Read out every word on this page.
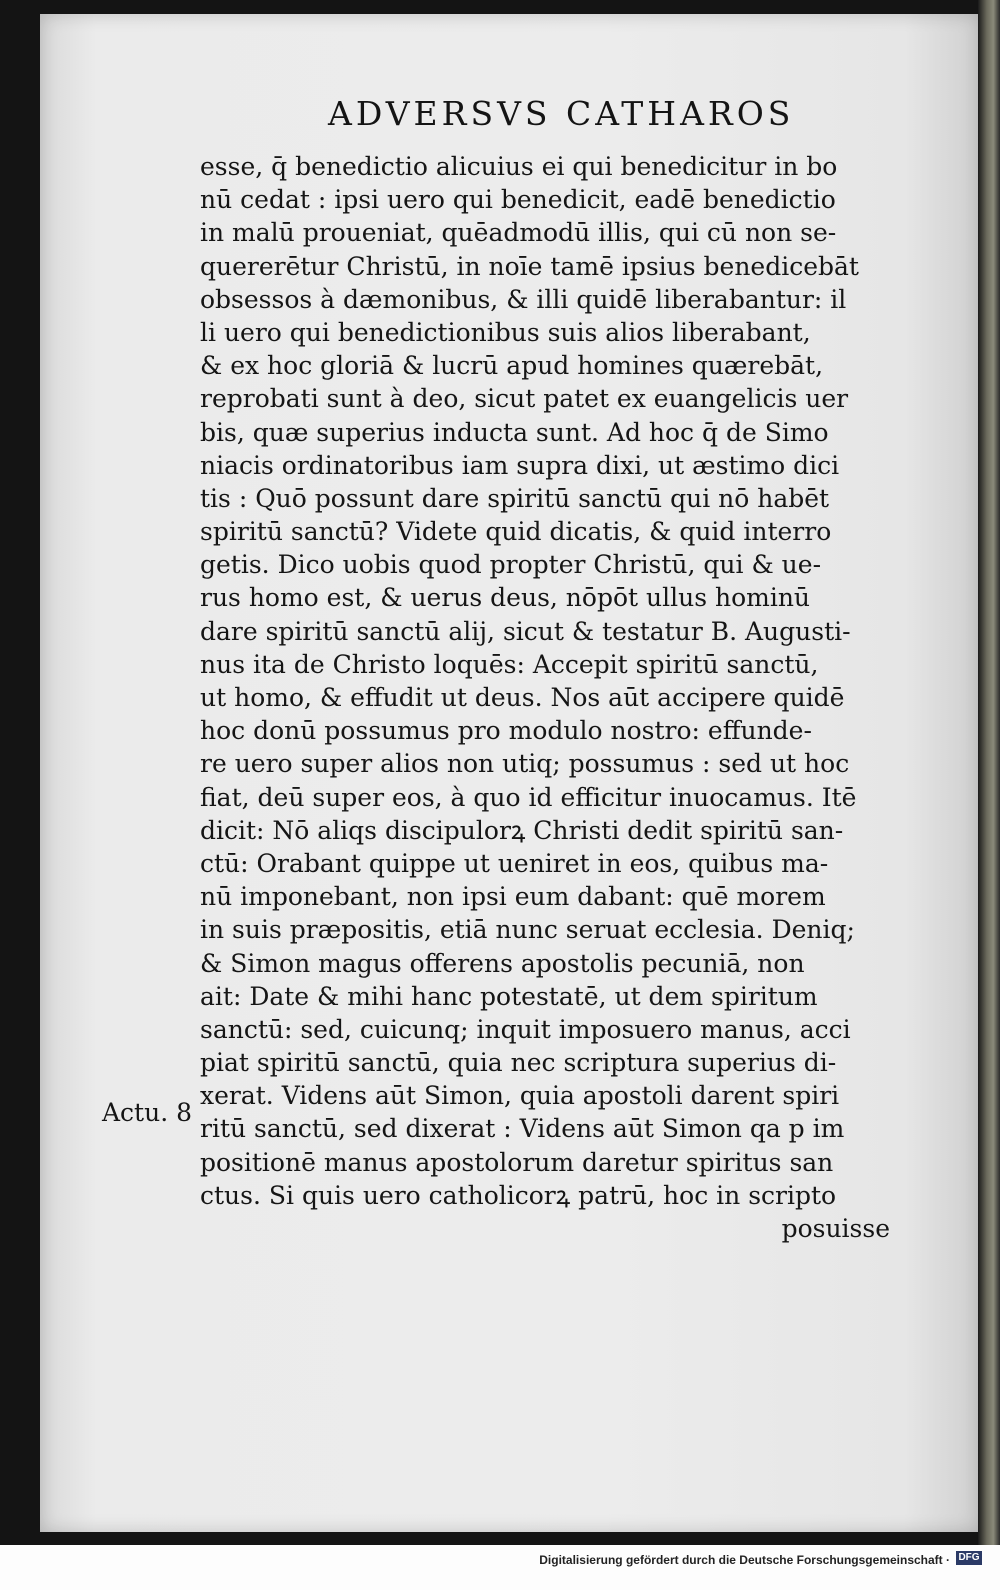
ADVERSVS CATHAROS
esse, q̄ benedictio alicuius ei qui benedicitur in bo
nū cedat : ipsi uero qui benedicit, eadē benedictio
in malū proueniat, quēadmodū illis, qui cū non se-
quererētur Christū, in noīe tamē ipsius benedicebāt
obsessos à dæmonibus, & illi quidē liberabantur: il
li uero qui benedictionibus suis alios liberabant,
& ex hoc gloriā & lucrū apud homines quærebāt,
reprobati sunt à deo, sicut patet ex euangelicis uer
bis, quæ superius inducta sunt. Ad hoc q̄ de Simo
niacis ordinatoribus iam supra dixi, ut æstimo dici
tis : Quō possunt dare spiritū sanctū qui nō habēt
spiritū sanctū? Videte quid dicatis, & quid interro
getis. Dico uobis quod propter Christū, qui & ue-
rus homo est, & uerus deus, nōpōt ullus hominū
dare spiritū sanctū alij, sicut & testatur B. Augusti-
nus ita de Christo loquēs: Accepit spiritū sanctū,
ut homo, & effudit ut deus. Nos aūt accipere quidē
hoc donū possumus pro modulo nostro: effunde-
re uero super alios non utiq; possumus : sed ut hoc
fiat, deū super eos, à quo id efficitur inuocamus. Itē
dicit: Nō aliqs discipulorꝝ Christi dedit spiritū san-
ctū: Orabant quippe ut ueniret in eos, quibus ma-
nū imponebant, non ipsi eum dabant: quē morem
in suis præpositis, etiā nunc seruat ecclesia. Deniq;
& Simon magus offerens apostolis pecuniā, non
ait: Date & mihi hanc potestatē, ut dem spiritum
sanctū: sed, cuicunq; inquit imposuero manus, acci
piat spiritū sanctū, quia nec scriptura superius di-
xerat. Videns aūt Simon, quia apostoli darent spiri
ritū sanctū, sed dixerat : Videns aūt Simon qa p im
positionē manus apostolorum daretur spiritus san
ctus. Si quis uero catholicorꝝ patrū, hoc in scripto
posuisse
Actu. 8
Digitalisierung gefördert durch die Deutsche Forschungsgemeinschaft · DFG
